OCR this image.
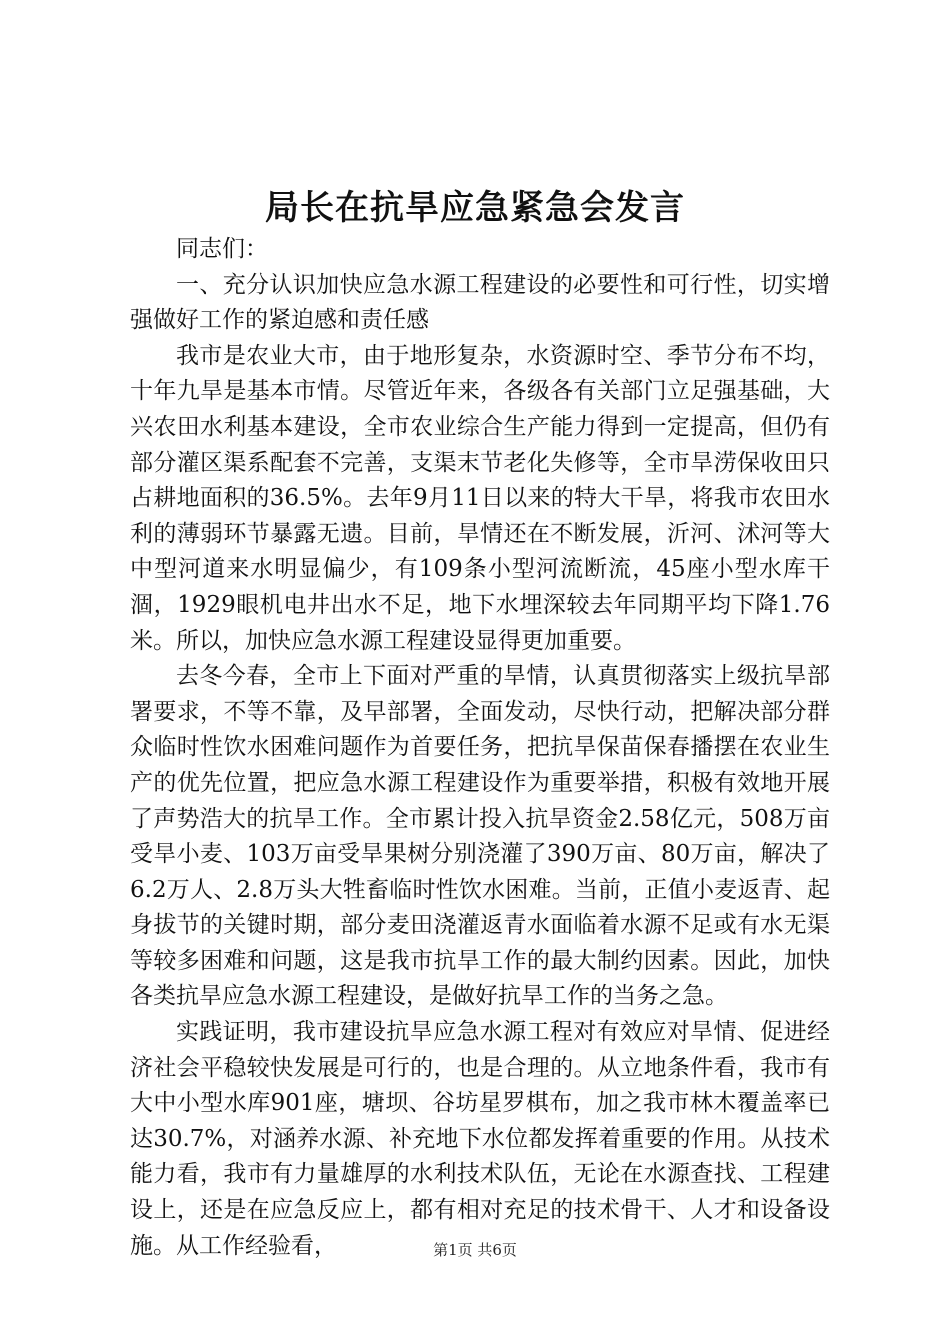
局长在抗旱应急紧急会发言

同志们：

一、充分认识加快应急水源工程建设的必要性和可行性，切实增强做好工作的紧迫感和责任感

我市是农业大市，由于地形复杂，水资源时空、季节分布不均，十年九旱是基本市情。尽管近年来，各级各有关部门立足强基础，大兴农田水利基本建设，全市农业综合生产能力得到一定提高，但仍有部分灌区渠系配套不完善，支渠末节老化失修等，全市旱涝保收田只占耕地面积的36.5%。去年9月11日以来的特大干旱，将我市农田水利的薄弱环节暴露无遗。目前，旱情还在不断发展，沂河、沭河等大中型河道来水明显偏少，有109条小型河流断流，45座小型水库干涸，1929眼机电井出水不足，地下水埋深较去年同期平均下降1.76米。所以，加快应急水源工程建设显得更加重要。

去冬今春，全市上下面对严重的旱情，认真贯彻落实上级抗旱部署要求，不等不靠，及早部署，全面发动，尽快行动，把解决部分群众临时性饮水困难问题作为首要任务，把抗旱保苗保春播摆在农业生产的优先位置，把应急水源工程建设作为重要举措，积极有效地开展了声势浩大的抗旱工作。全市累计投入抗旱资金2.58亿元，508万亩受旱小麦、103万亩受旱果树分别浇灌了390万亩、80万亩，解决了6.2万人、2.8万头大牲畜临时性饮水困难。当前，正值小麦返青、起身拔节的关键时期，部分麦田浇灌返青水面临着水源不足或有水无渠等较多困难和问题，这是我市抗旱工作的最大制约因素。因此，加快各类抗旱应急水源工程建设，是做好抗旱工作的当务之急。

实践证明，我市建设抗旱应急水源工程对有效应对旱情、促进经济社会平稳较快发展是可行的，也是合理的。从立地条件看，我市有大中小型水库901座，塘坝、谷坊星罗棋布，加之我市林木覆盖率已达30.7%，对涵养水源、补充地下水位都发挥着重要的作用。从技术能力看，我市有力量雄厚的水利技术队伍，无论在水源查找、工程建设上，还是在应急反应上，都有相对充足的技术骨干、人才和设备设施。从工作经验看，	第1页 共6页
